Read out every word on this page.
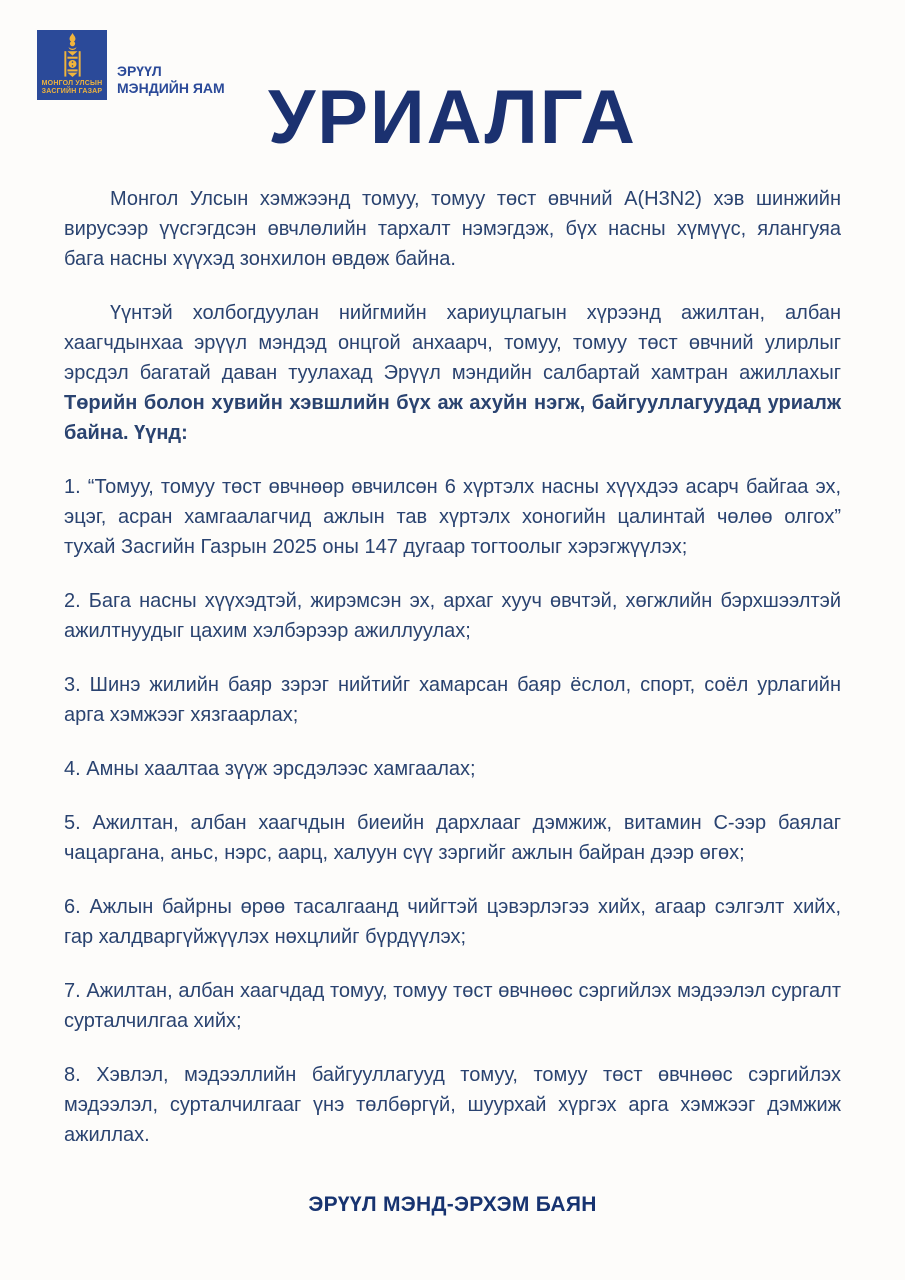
МОНГОЛ УЛСЫН
ЗАСГИЙН ГАЗАР
ЭРҮҮЛ
МЭНДИЙН ЯАМ УРИАЛГА

Монгол Улсын хэмжээнд томуу, томуу төст өвчний А(H3N2) хэв шинжийн вирусээр үүсгэгдсэн өвчлөлийн тархалт нэмэгдэж, бүх насны хүмүүс, ялангуяа бага насны хүүхэд зонхилон өвдөж байна.

Үүнтэй холбогдуулан нийгмийн хариуцлагын хүрээнд ажилтан, албан хаагчдынхаа эрүүл мэндэд онцгой анхаарч, томуу, томуу төст өвчний улирлыг эрсдэл багатай даван туулахад Эрүүл мэндийн салбартай хамтран ажиллахыг Төрийн болон хувийн хэвшлийн бүх аж ахуйн нэгж, байгууллагуудад уриалж байна. Үүнд:

1. “Томуу, томуу төст өвчнөөр өвчилсөн 6 хүртэлх насны хүүхдээ асарч байгаа эх, эцэг, асран хамгаалагчид ажлын тав хүртэлх хоногийн цалинтай чөлөө олгох” тухай Засгийн Газрын 2025 оны 147 дугаар тогтоолыг хэрэгжүүлэх;

2. Бага насны хүүхэдтэй, жирэмсэн эх, архаг хууч өвчтэй, хөгжлийн бэрхшээлтэй ажилтнуудыг цахим хэлбэрээр ажиллуулах;

3. Шинэ жилийн баяр зэрэг нийтийг хамарсан баяр ёслол, спорт, соёл урлагийн арга хэмжээг хязгаарлах;

4. Амны хаалтаа зүүж эрсдэлээс хамгаалах;

5. Ажилтан, албан хаагчдын биеийн дархлааг дэмжиж, витамин C-ээр баялаг чацаргана, аньс, нэрс, аарц, халуун сүү зэргийг ажлын байран дээр өгөх;

6. Ажлын байрны өрөө тасалгаанд чийгтэй цэвэрлэгээ хийх, агаар сэлгэлт хийх, гар халдваргүйжүүлэх нөхцлийг бүрдүүлэх;

7. Ажилтан, албан хаагчдад томуу, томуу төст өвчнөөс сэргийлэх мэдээлэл сургалт сурталчилгаа хийх;

8. Хэвлэл, мэдээллийн байгууллагууд томуу, томуу төст өвчнөөс сэргийлэх мэдээлэл, сурталчилгааг үнэ төлбөргүй, шуурхай хүргэх арга хэмжээг дэмжиж ажиллах.

ЭРҮҮЛ МЭНД-ЭРХЭМ БАЯН
